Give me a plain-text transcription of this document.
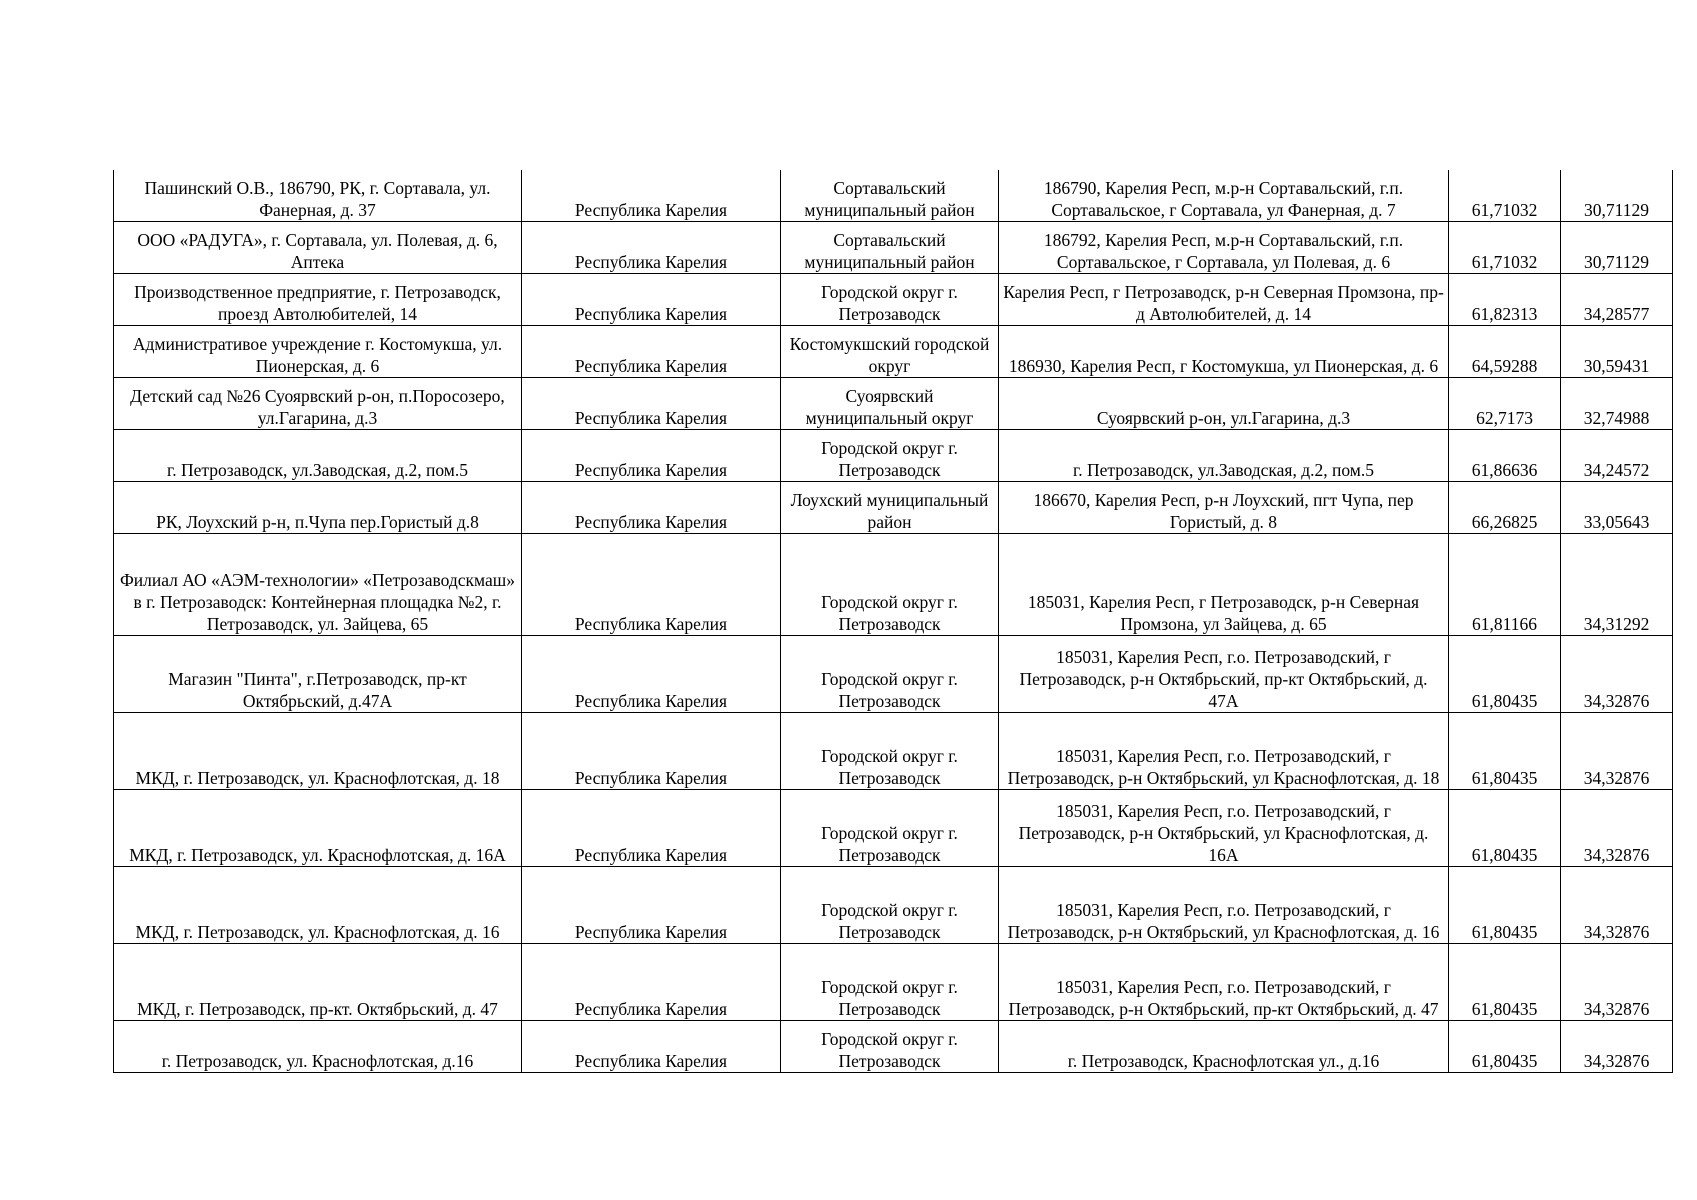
Пашинский О.В., 186790, РК, г. Сортавала, ул. Фанерная, д. 37	Республика Карелия	Сортавальский муниципальный район	186790, Карелия Респ, м.р-н Сортавальский, г.п. Сортавальское, г Сортавала, ул Фанерная, д. 7	61,71032	30,71129
ООО «РАДУГА», г. Сортавала, ул. Полевая, д. 6, Аптека	Республика Карелия	Сортавальский муниципальный район	186792, Карелия Респ, м.р-н Сортавальский, г.п. Сортавальское, г Сортавала, ул Полевая, д. 6	61,71032	30,71129
Производственное предприятие, г. Петрозаводск, проезд Автолюбителей, 14	Республика Карелия	Городской округ г. Петрозаводск	Карелия Респ, г Петрозаводск, р-н Северная Промзона, пр-д Автолюбителей, д. 14	61,82313	34,28577
Административое учреждение г. Костомукша, ул. Пионерская, д. 6	Республика Карелия	Костомукшский городской округ	186930, Карелия Респ, г Костомукша, ул Пионерская, д. 6	64,59288	30,59431
Детский сад №26 Суоярвский р-он, п.Поросозеро, ул.Гагарина, д.3	Республика Карелия	Суоярвский муниципальный округ	Суоярвский р-он, ул.Гагарина, д.3	62,7173	32,74988
г. Петрозаводск, ул.Заводская, д.2, пом.5	Республика Карелия	Городской округ г. Петрозаводск	г. Петрозаводск, ул.Заводская, д.2, пом.5	61,86636	34,24572
РК, Лоухский р-н, п.Чупа пер.Гористый д.8	Республика Карелия	Лоухский муниципальный район	186670, Карелия Респ, р-н Лоухский, пгт Чупа, пер Гористый, д. 8	66,26825	33,05643
Филиал АО «АЭМ-технологии» «Петрозаводскмаш» в г. Петрозаводск: Контейнерная площадка №2, г. Петрозаводск, ул. Зайцева, 65	Республика Карелия	Городской округ г. Петрозаводск	185031, Карелия Респ, г Петрозаводск, р-н Северная Промзона, ул Зайцева, д. 65	61,81166	34,31292
Магазин "Пинта", г.Петрозаводск, пр-кт Октябрьский, д.47А	Республика Карелия	Городской округ г. Петрозаводск	185031, Карелия Респ, г.о. Петрозаводский, г Петрозаводск, р-н Октябрьский, пр-кт Октябрьский, д. 47А	61,80435	34,32876
МКД, г. Петрозаводск, ул. Краснофлотская, д. 18	Республика Карелия	Городской округ г. Петрозаводск	185031, Карелия Респ, г.о. Петрозаводский, г Петрозаводск, р-н Октябрьский, ул Краснофлотская, д. 18	61,80435	34,32876
МКД, г. Петрозаводск, ул. Краснофлотская, д. 16А	Республика Карелия	Городской округ г. Петрозаводск	185031, Карелия Респ, г.о. Петрозаводский, г Петрозаводск, р-н Октябрьский, ул Краснофлотская, д. 16А	61,80435	34,32876
МКД, г. Петрозаводск, ул. Краснофлотская, д. 16	Республика Карелия	Городской округ г. Петрозаводск	185031, Карелия Респ, г.о. Петрозаводский, г Петрозаводск, р-н Октябрьский, ул Краснофлотская, д. 16	61,80435	34,32876
МКД, г. Петрозаводск, пр-кт. Октябрьский, д. 47	Республика Карелия	Городской округ г. Петрозаводск	185031, Карелия Респ, г.о. Петрозаводский, г Петрозаводск, р-н Октябрьский, пр-кт Октябрьский, д. 47	61,80435	34,32876
г. Петрозаводск, ул. Краснофлотская, д.16	Республика Карелия	Городской округ г. Петрозаводск	г. Петрозаводск, Краснофлотская ул., д.16	61,80435	34,32876
